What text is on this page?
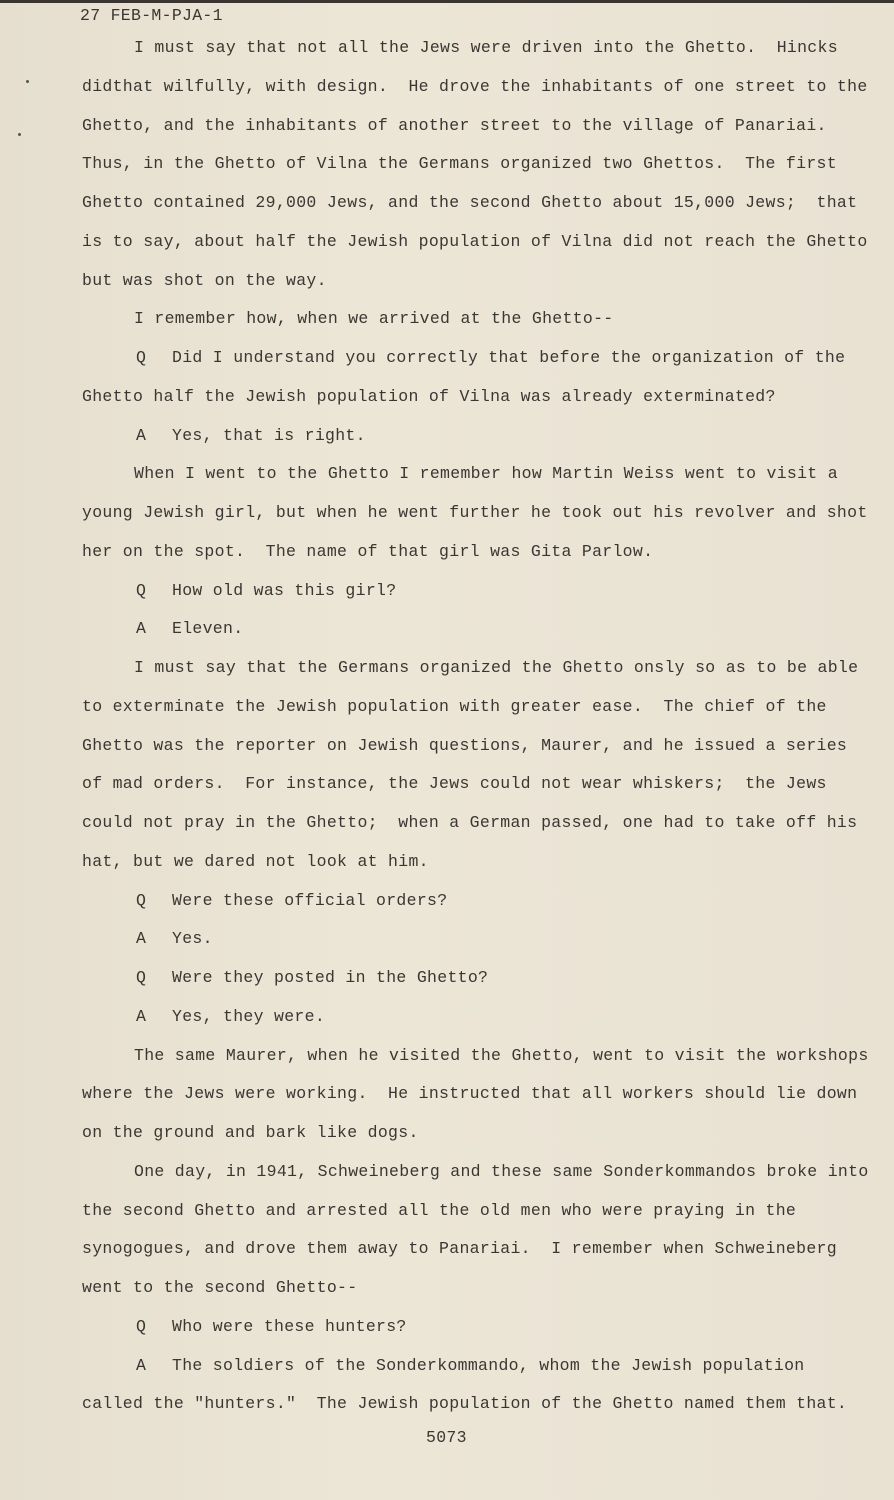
27 FEB-M-PJA-1
I must say that not all the Jews were driven into the Ghetto.  Hincks
didthat wilfully, with design.  He drove the inhabitants of one street to the
Ghetto, and the inhabitants of another street to the village of Panariai.
Thus, in the Ghetto of Vilna the Germans organized two Ghettos.  The first
Ghetto contained 29,000 Jews, and the second Ghetto about 15,000 Jews;  that
is to say, about half the Jewish population of Vilna did not reach the Ghetto
but was shot on the way.
I remember how, when we arrived at the Ghetto--
Q Did I understand you correctly that before the organization of the
Ghetto half the Jewish population of Vilna was already exterminated?
A Yes, that is right.
When I went to the Ghetto I remember how Martin Weiss went to visit a
young Jewish girl, but when he went further he took out his revolver and shot
her on the spot.  The name of that girl was Gita Parlow.
Q How old was this girl?
A Eleven.
I must say that the Germans organized the Ghetto onsly so as to be able
to exterminate the Jewish population with greater ease.  The chief of the
Ghetto was the reporter on Jewish questions, Maurer, and he issued a series
of mad orders.  For instance, the Jews could not wear whiskers;  the Jews
could not pray in the Ghetto;  when a German passed, one had to take off his
hat, but we dared not look at him.
Q Were these official orders?
A Yes.
Q Were they posted in the Ghetto?
A Yes, they were.
The same Maurer, when he visited the Ghetto, went to visit the workshops
where the Jews were working.  He instructed that all workers should lie down
on the ground and bark like dogs.
One day, in 1941, Schweineberg and these same Sonderkommandos broke into
the second Ghetto and arrested all the old men who were praying in the
synogogues, and drove them away to Panariai.  I remember when Schweineberg
went to the second Ghetto--
Q Who were these hunters?
A The soldiers of the Sonderkommando, whom the Jewish population
called the "hunters."  The Jewish population of the Ghetto named them that.
5073
